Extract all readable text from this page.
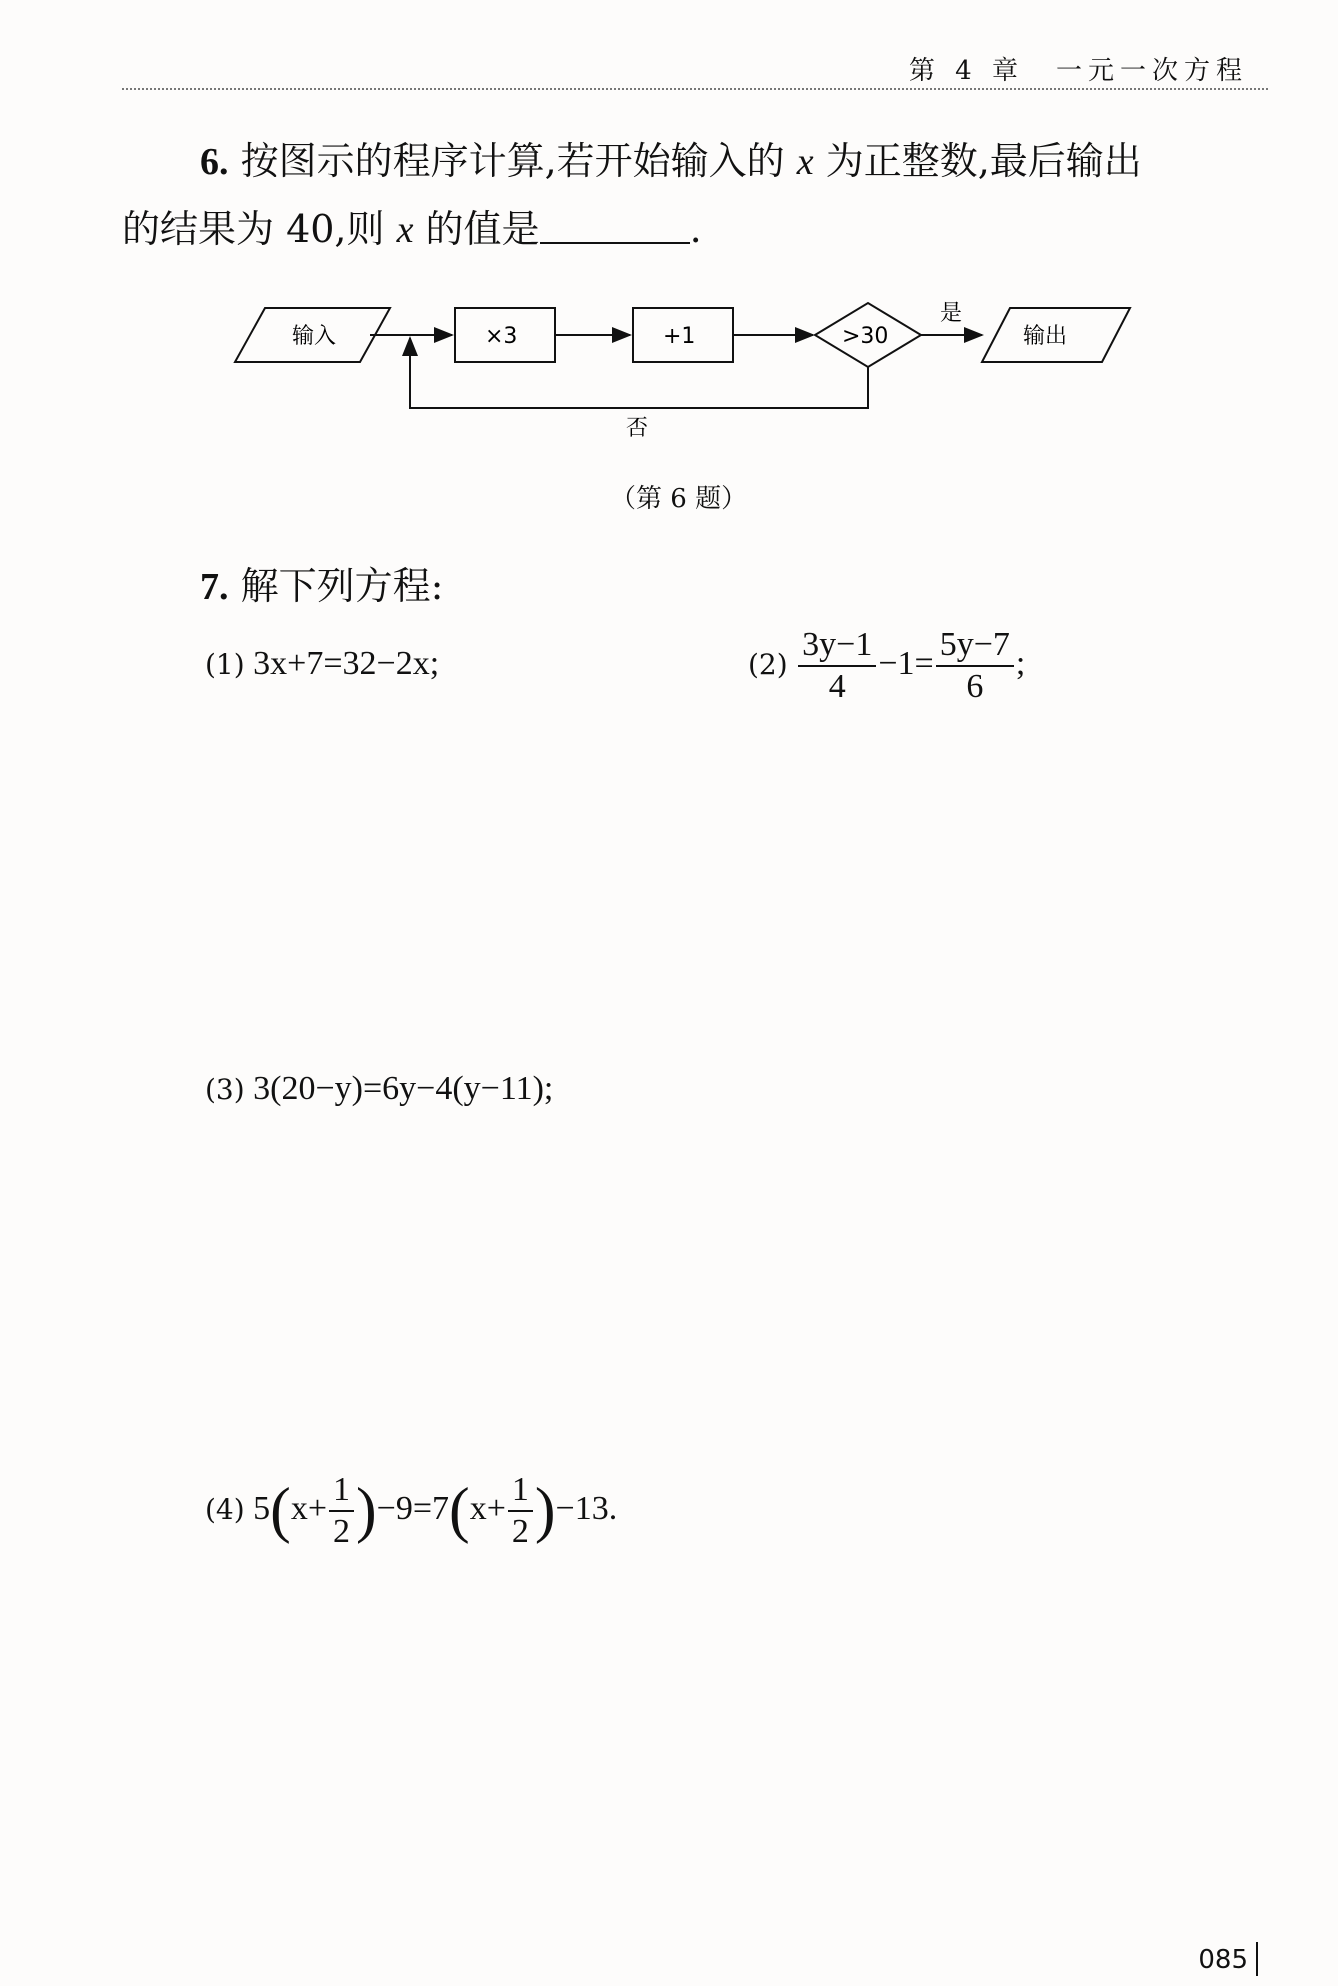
第 4 章　一元一次方程
6. 按图示的程序计算,若开始输入的 x 为正整数,最后输出
的结果为 40,则 x 的值是	.
输入	×3	+1	>30
是
输出
否
（第 6 题）
7. 解下列方程:
(1) 3x+7=32−2x;	$(2) \frac{3y-1}{4} -1= \frac{5y-7}{6}$ ;
(3) 3(20−y)=6y−4(y−11);
(4) $5(x+ \frac{1}{2} )-9=7(x+ \frac{1}{2} )-13$.
085
